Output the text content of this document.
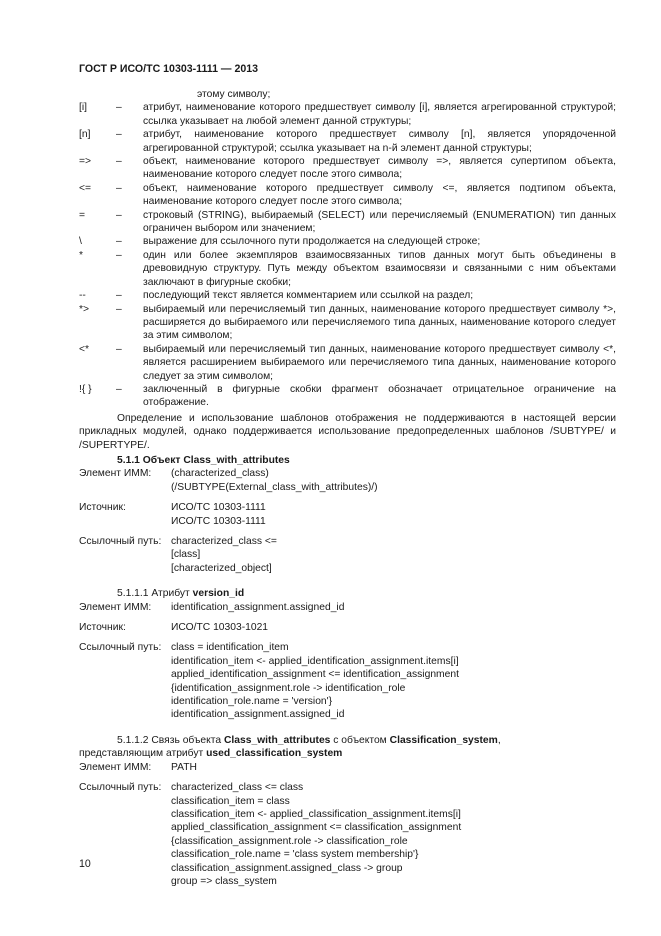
ГОСТ Р ИСО/ТС 10303-1111 — 2013
этому символу;
[i]	–	атрибут, наименование которого предшествует символу [i], является агрегированной структурой; ссылка указывает на любой элемент данной структуры;
[n]	–	атрибут, наименование которого предшествует символу [n], является упорядоченной агрегированной структурой; ссылка указывает на n-й элемент данной структуры;
=>	–	объект, наименование которого предшествует символу =>, является супертипом объекта, наименование которого следует после этого символа;
<=	–	объект, наименование которого предшествует символу <=, является подтипом объекта, наименование которого следует после этого символа;
=	–	строковый (STRING), выбираемый (SELECT) или перечисляемый (ENUMERATION) тип данных ограничен выбором или значением;
\	–	выражение для ссылочного пути продолжается на следующей строке;
*	–	один или более экземпляров взаимосвязанных типов данных могут быть объединены в древовидную структуру. Путь между объектом взаимосвязи и связанными с ним объектами заключают в фигурные скобки;
--	–	последующий текст является комментарием или ссылкой на раздел;
*>	–	выбираемый или перечисляемый тип данных, наименование которого предшествует символу *>, расширяется до выбираемого или перечисляемого типа данных, наименование которого следует за этим символом;
<*	–	выбираемый или перечисляемый тип данных, наименование которого предшествует символу <*, является расширением выбираемого или перечисляемого типа данных, наименование которого следует за этим символом;
!{ }	–	заключенный в фигурные скобки фрагмент обозначает отрицательное ограничение на отображение.
Определение и использование шаблонов отображения не поддерживаются в настоящей версии прикладных модулей, однако поддерживается использование предопределенных шаблонов /SUBTYPE/ и /SUPERTYPE/.
5.1.1 Объект Class_with_attributes
Элемент ИММ:	(characterized_class)
(/SUBTYPE(External_class_with_attributes)/)
Источник:	ИСО/ТС 10303-1111
ИСО/ТС 10303-1111
Ссылочный путь: characterized_class <=
[class]
[characterized_object]
5.1.1.1 Атрибут version_id
Элемент ИММ:	identification_assignment.assigned_id
Источник:	ИСО/ТС 10303-1021
Ссылочный путь: class = identification_item
identification_item <- applied_identification_assignment.items[i]
applied_identification_assignment <= identification_assignment
{identification_assignment.role -> identification_role
identification_role.name = 'version'}
identification_assignment.assigned_id
5.1.1.2 Связь объекта Class_with_attributes с объектом Classification_system,
представляющим атрибут used_classification_system
Элемент ИММ:	PATH
Ссылочный путь: characterized_class <= class
classification_item = class
classification_item <- applied_classification_assignment.items[i]
applied_classification_assignment <= classification_assignment
{classification_assignment.role -> classification_role
classification_role.name = 'class system membership'}
classification_assignment.assigned_class -> group
group => class_system
10
